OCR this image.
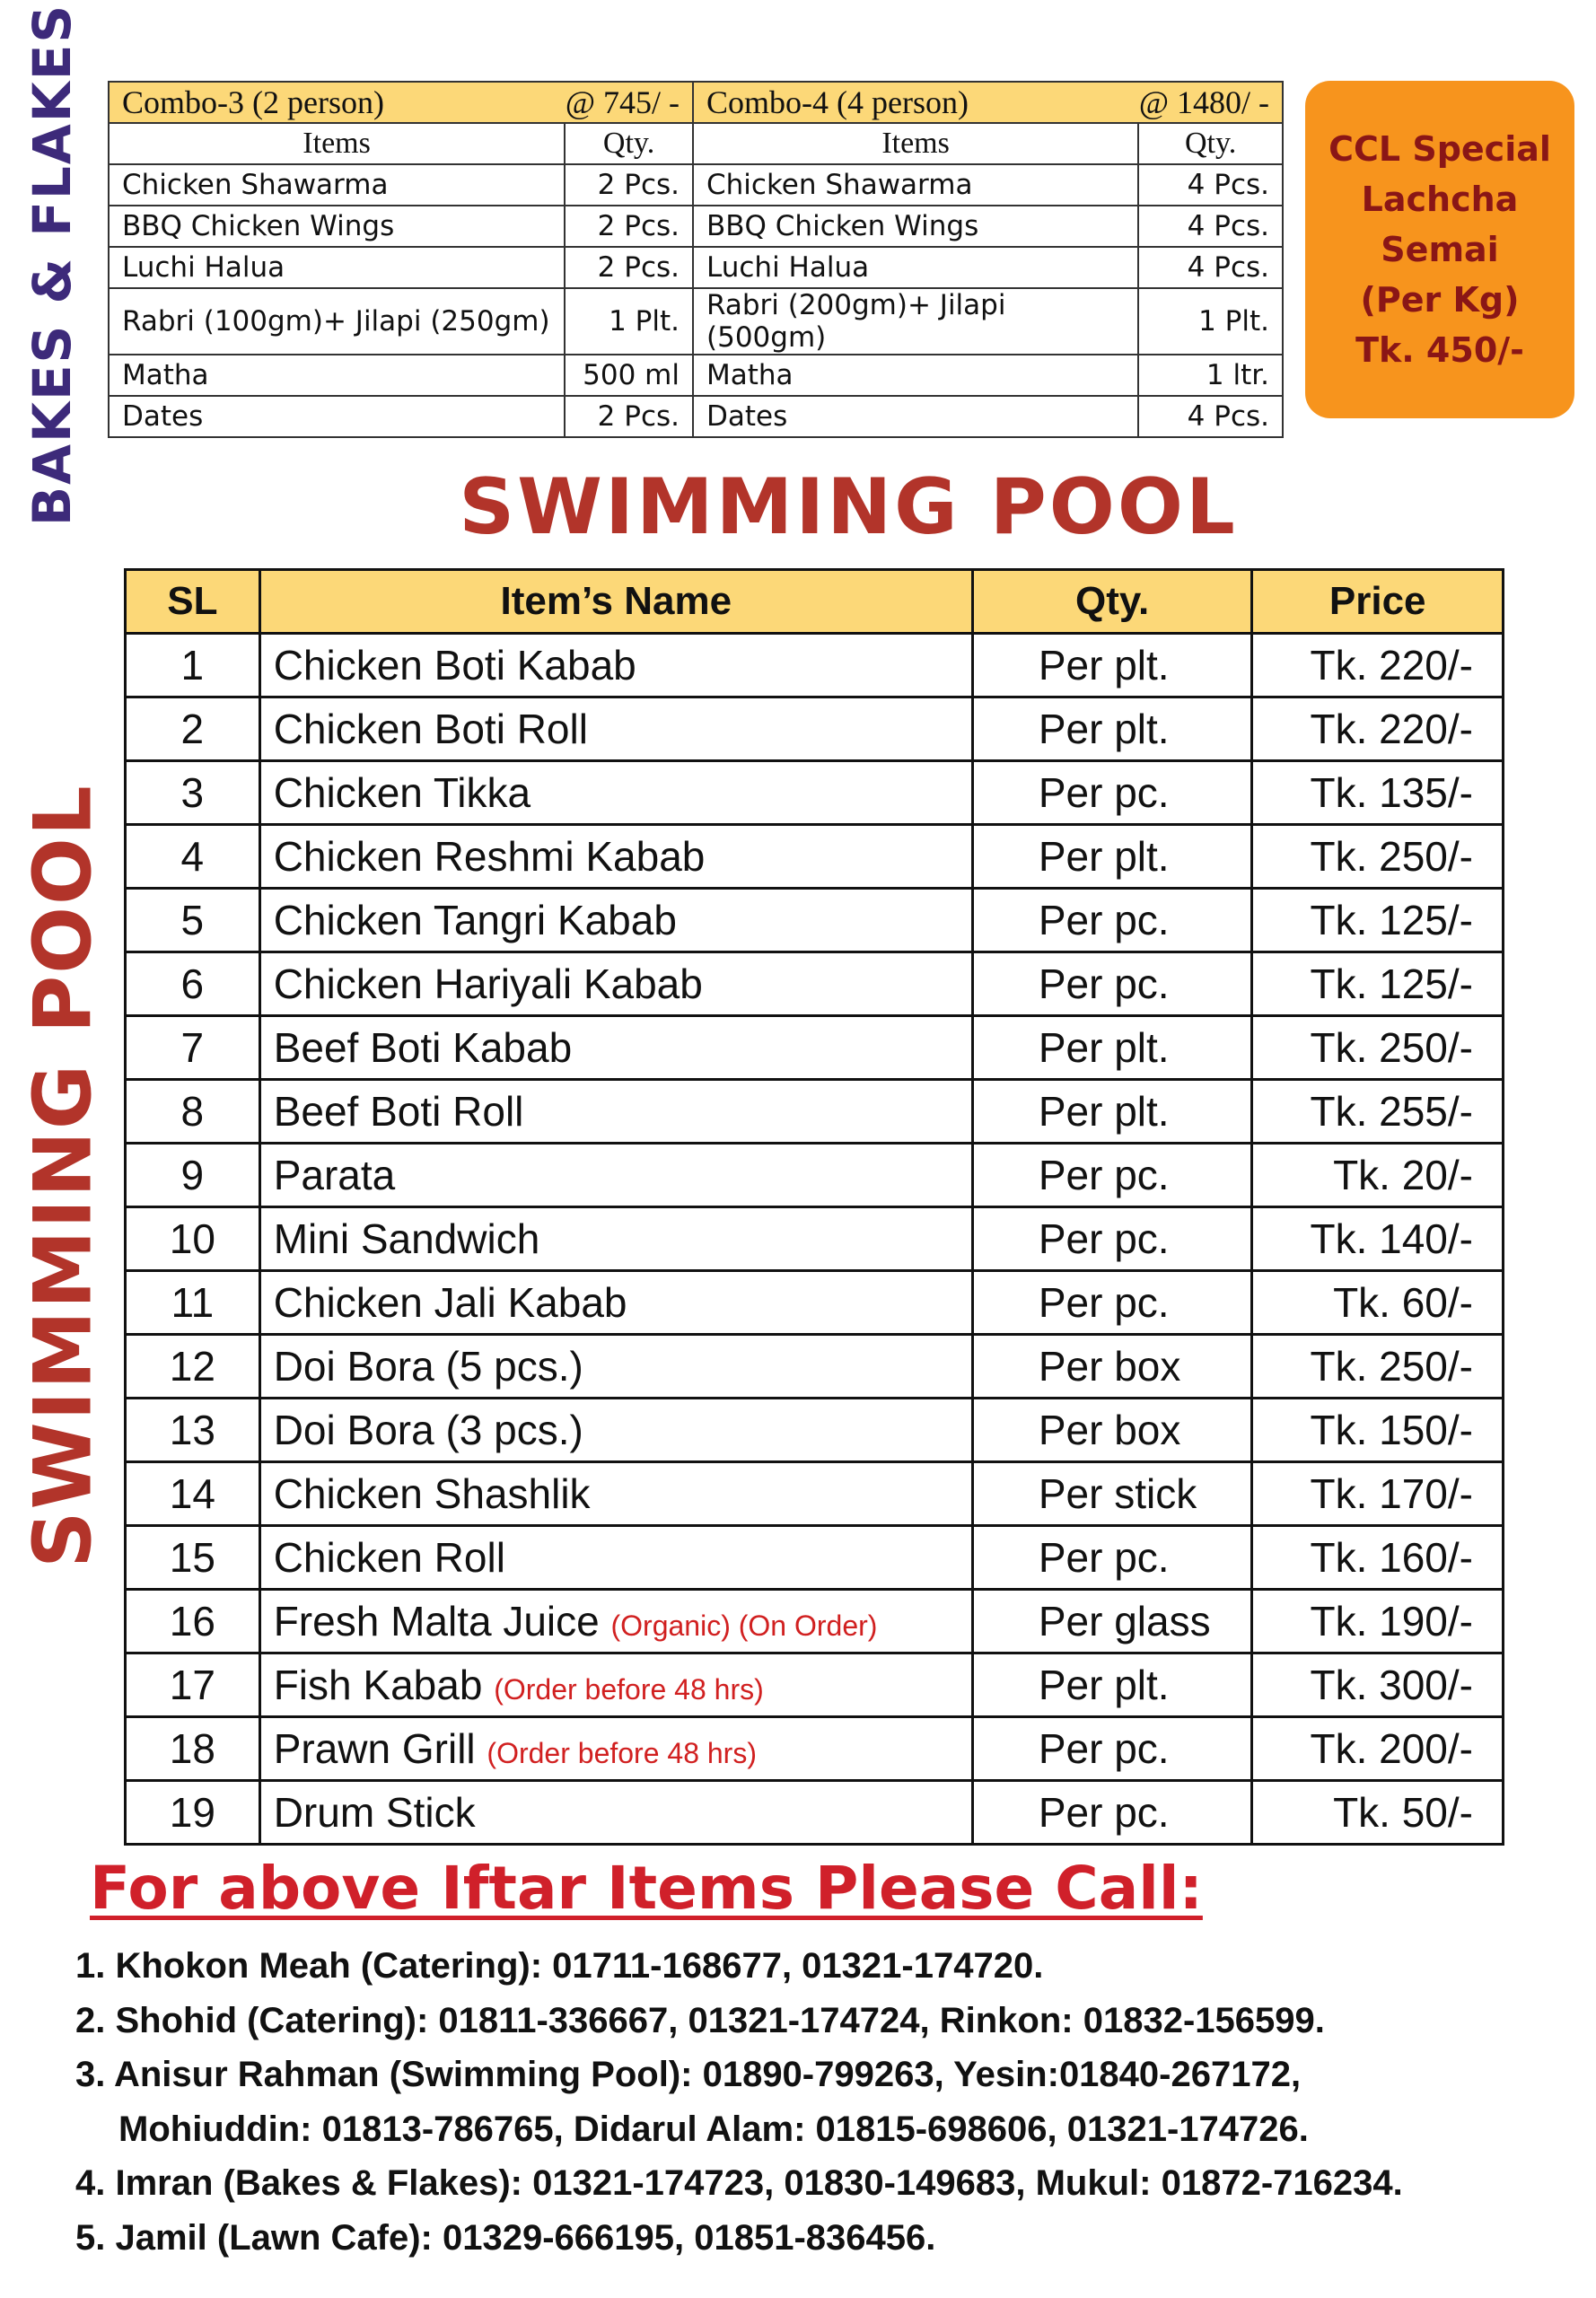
BAKES & FLAKES
SWIMMING POOL
Combo-3 (2 person) @ 745/ -		Combo-4 (4 person) @ 1480/ -	

Items	Qty.	Items	Qty.
Chicken Shawarma	2 Pcs.	Chicken Shawarma	4 Pcs.
BBQ Chicken Wings	2 Pcs.	BBQ Chicken Wings	4 Pcs.
Luchi Halua	2 Pcs.	Luchi Halua	4 Pcs.
Rabri (100gm)+ Jilapi (250gm)	1 Plt.	Rabri (200gm)+ Jilapi (500gm)	1 Plt.
Matha	500 ml	Matha	1 ltr.
Dates	2 Pcs.	Dates	4 Pcs.
CCL Special
Lachcha Semai
(Per Kg)
Tk. 450/-
SWIMMING POOL
SL	Item’s Name	Qty.	Price
1	Chicken Boti Kabab	Per plt.	Tk. 220/-
2	Chicken Boti Roll	Per plt.	Tk. 220/-
3	Chicken Tikka	Per pc.	Tk. 135/-
4	Chicken Reshmi Kabab	Per plt.	Tk. 250/-
5	Chicken Tangri Kabab	Per pc.	Tk. 125/-
6	Chicken Hariyali Kabab	Per pc.	Tk. 125/-
7	Beef Boti Kabab	Per plt.	Tk. 250/-
8	Beef Boti Roll	Per plt.	Tk. 255/-
9	Parata	Per pc.	Tk. 20/-
10	Mini Sandwich	Per pc.	Tk. 140/-
11	Chicken Jali Kabab	Per pc.	Tk. 60/-
12	Doi Bora (5 pcs.)	Per box	Tk. 250/-
13	Doi Bora (3 pcs.)	Per box	Tk. 150/-
14	Chicken Shashlik	Per stick	Tk. 170/-
15	Chicken Roll	Per pc.	Tk. 160/-
16	Fresh Malta Juice (Organic) (On Order)	Per glass	Tk. 190/-
17	Fish Kabab (Order before 48 hrs)	Per plt.	Tk. 300/-
18	Prawn Grill (Order before 48 hrs)	Per pc.	Tk. 200/-
19	Drum Stick	Per pc.	Tk. 50/-
For above Iftar Items Please Call:
1. Khokon Meah (Catering): 01711-168677, 01321-174720.
2. Shohid (Catering): 01811-336667, 01321-174724, Rinkon: 01832-156599.
3. Anisur Rahman (Swimming Pool): 01890-799263, Yesin:01840-267172,
Mohiuddin: 01813-786765, Didarul Alam: 01815-698606, 01321-174726.
4. Imran (Bakes & Flakes): 01321-174723, 01830-149683, Mukul: 01872-716234.
5. Jamil (Lawn Cafe): 01329-666195, 01851-836456.
